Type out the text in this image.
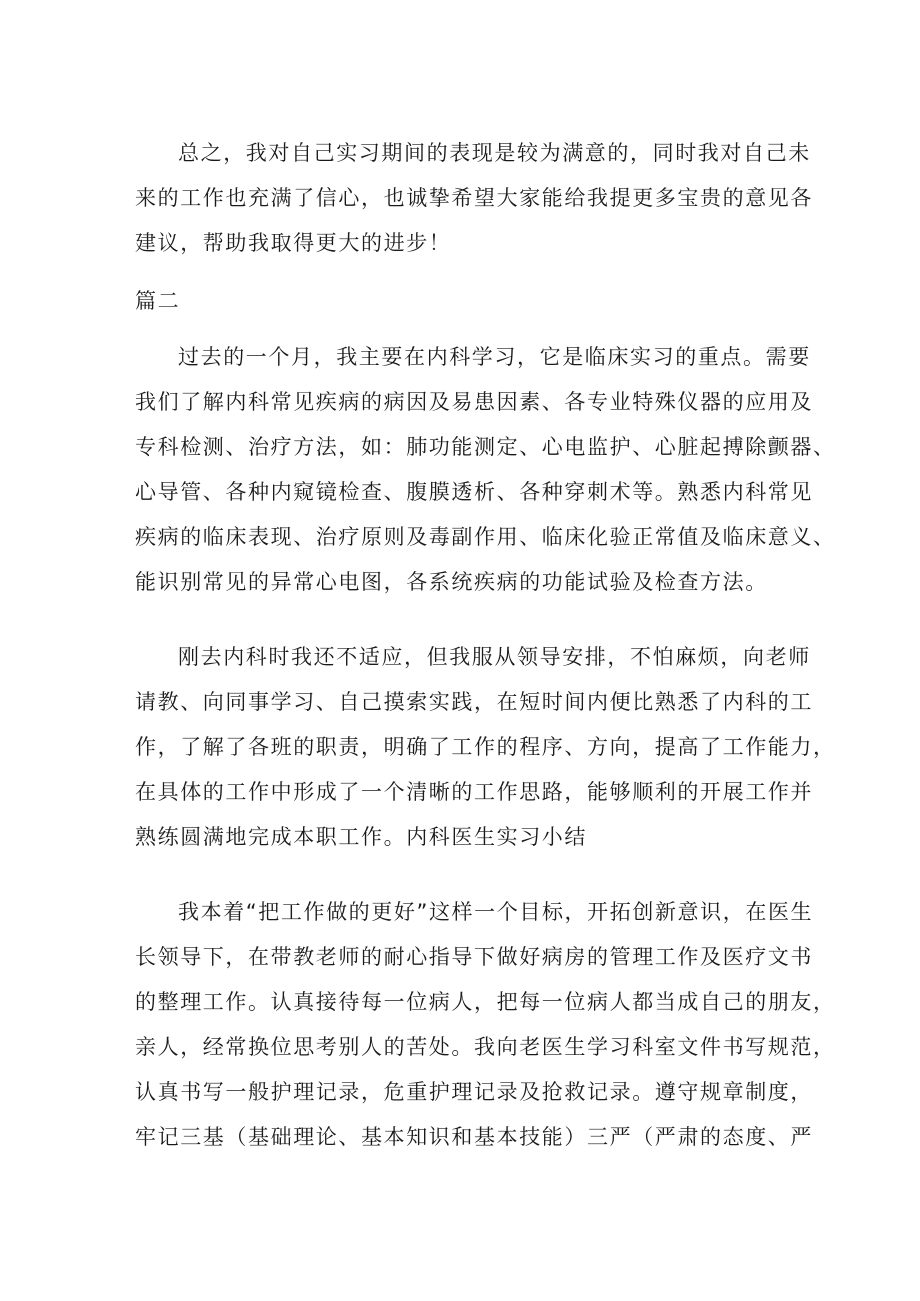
总之，我对自己实习期间的表现是较为满意的，同时我对自己未
来的工作也充满了信心，也诚挚希望大家能给我提更多宝贵的意见各
建议，帮助我取得更大的进步！
篇二
过去的一个月，我主要在内科学习，它是临床实习的重点。需要
我们了解内科常见疾病的病因及易患因素、各专业特殊仪器的应用及
专科检测、治疗方法，如：肺功能测定、心电监护、心脏起搏除颤器、
心导管、各种内窥镜检查、腹膜透析、各种穿刺术等。熟悉内科常见
疾病的临床表现、治疗原则及毒副作用、临床化验正常值及临床意义、
能识别常见的异常心电图，各系统疾病的功能试验及检查方法。
刚去内科时我还不适应，但我服从领导安排，不怕麻烦，向老师
请教、向同事学习、自己摸索实践，在短时间内便比熟悉了内科的工
作，了解了各班的职责，明确了工作的程序、方向，提高了工作能力，
在具体的工作中形成了一个清晰的工作思路，能够顺利的开展工作并
熟练圆满地完成本职工作。内科医生实习小结
我本着“把工作做的更好”这样一个目标，开拓创新意识，在医生
长领导下，在带教老师的耐心指导下做好病房的管理工作及医疗文书
的整理工作。认真接待每一位病人，把每一位病人都当成自己的朋友，
亲人，经常换位思考别人的苦处。我向老医生学习科室文件书写规范，
认真书写一般护理记录，危重护理记录及抢救记录。遵守规章制度，
牢记三基（基础理论、基本知识和基本技能）三严（严肃的态度、严
